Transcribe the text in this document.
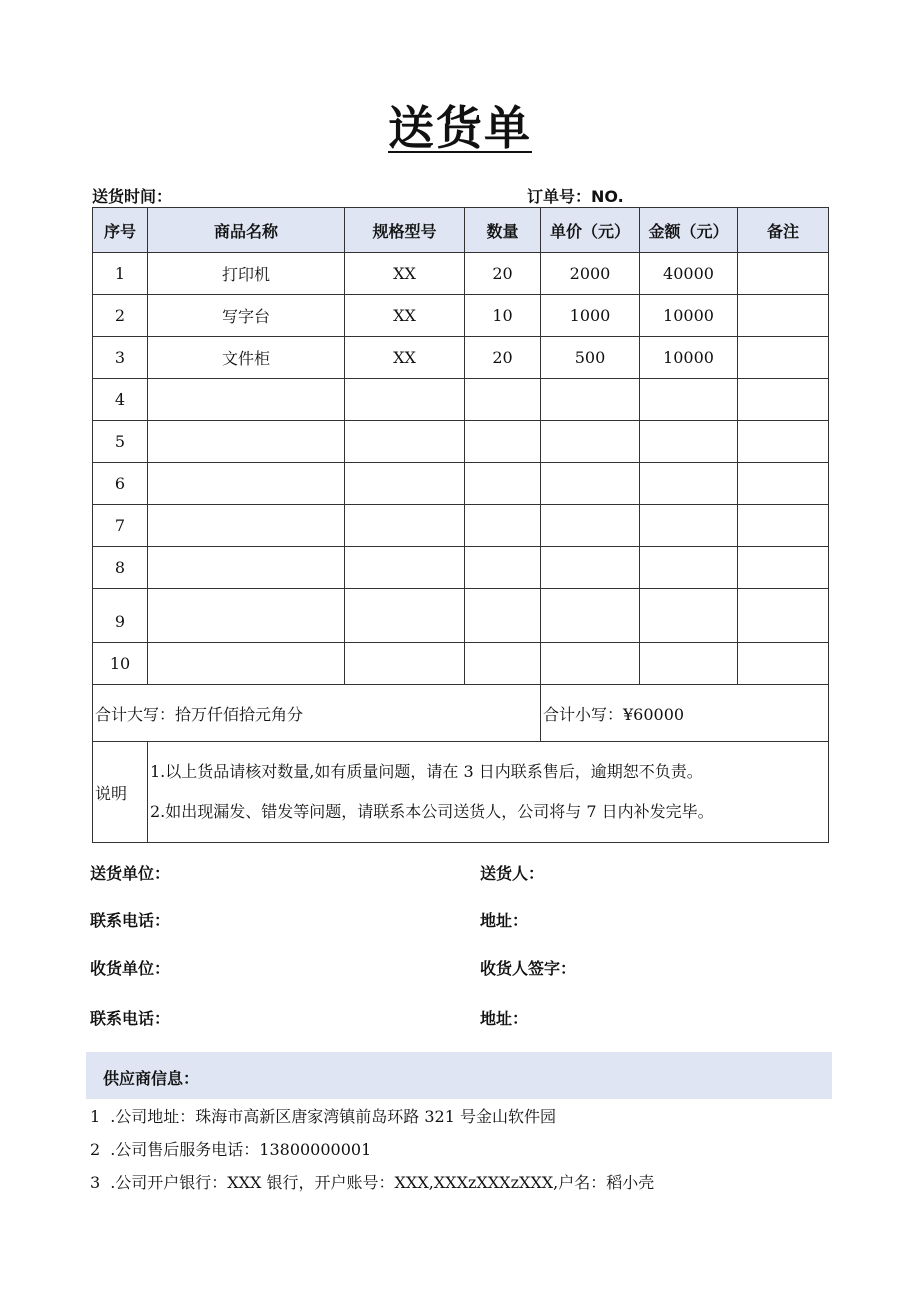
送货单
送货时间：	订单号：NO.
序号	商品名称	规格型号	数量	单价（元）	金额（元）	备注
1	打印机	XX	20	2000	40000	
2	写字台	XX	10	1000	10000	
3	文件柜	XX	20	500	10000	
4						
5						
6						
7						
8						
9						
10						
合计大写：拾万仟佰拾元角分				合计小写：¥60000		
说明	1.以上货品请核对数量,如有质量问题，请在 3 日内联系售后，逾期恕不负责。
2.如出现漏发、错发等问题，请联系本公司送货人，公司将与 7 日内补发完毕。					
送货单位：	送货人：
联系电话：	地址：
收货单位：	收货人签字：
联系电话：	地址：
供应商信息：
1 .公司地址：珠海市高新区唐家湾镇前岛环路 321 号金山软件园
2 .公司售后服务电话：13800000001
3 .公司开户银行：XXX 银行，开户账号：XXX,XXXzXXXzXXX,户名：稻小壳
